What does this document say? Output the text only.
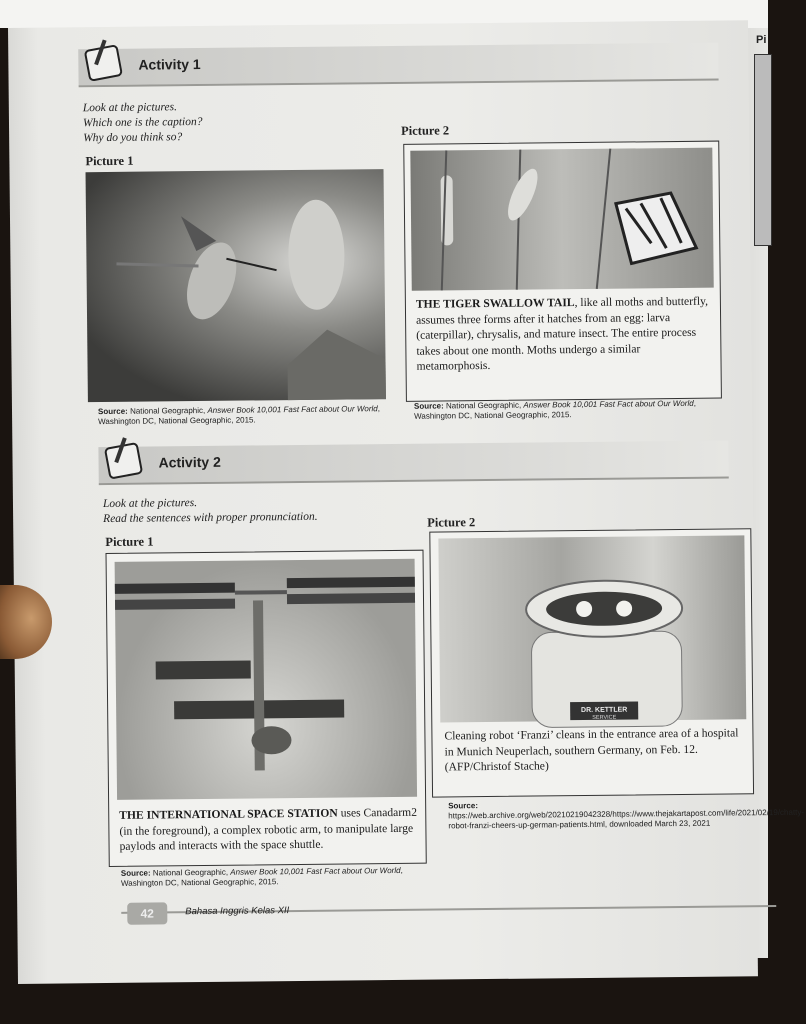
Pi
Activity 1
Look at the pictures.
Which one is the caption?
Why do you think so?
Picture 1
Source: National Geographic, Answer Book 10,001 Fast Fact about Our World, Washington DC, National Geographic, 2015.
Picture 2
THE TIGER SWALLOW TAIL, like all moths and butterfly, assumes three forms after it hatches from an egg: larva (caterpillar), chrysalis, and mature insect. The entire process takes about one month. Moths undergo a similar metamorphosis.
Source: National Geographic, Answer Book 10,001 Fast Fact about Our World, Washington DC, National Geographic, 2015.
Activity 2
Look at the pictures.
Read the sentences with proper pronunciation.
Picture 1
THE INTERNATIONAL SPACE STATION uses Canadarm2 (in the foreground), a complex robotic arm, to manipulate large paylods and interacts with the space shuttle.
Source: National Geographic, Answer Book 10,001 Fast Fact about Our World, Washington DC, National Geographic, 2015.
Picture 2
DR. KETTLER
SERVICE
Cleaning robot ‘Franzi’ cleans in the entrance area of a hospital in Munich Neuperlach, southern Germany, on Feb. 12. (AFP/Christof Stache)
Source: https://web.archive.org/web/20210219042328/https://www.thejakartapost.com/life/2021/02/19/chatty-robot-franzi-cheers-up-german-patients.html, downloaded March 23, 2021
42	Bahasa Inggris Kelas XII
